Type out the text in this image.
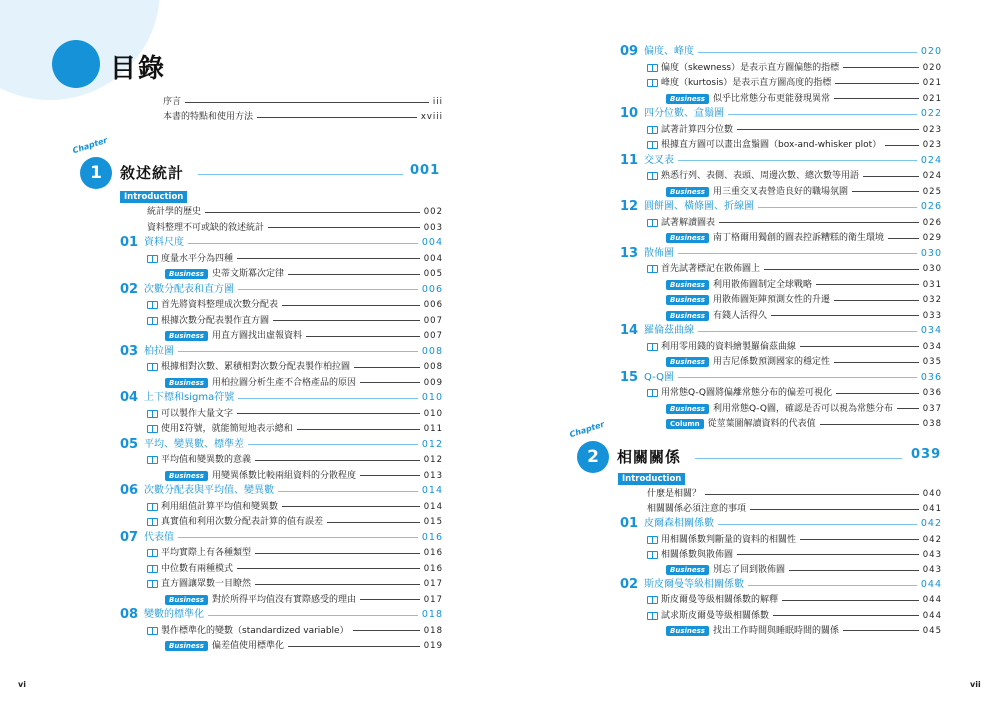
目錄
序言	iii
本書的特點和使用方法	xviii
Chapter
1	敘述統計	001
Introduction
統計學的歷史	002
資料整理不可或缺的敘述統計	003
01 資料尺度	004
度量水平分為四種	004
Business 史蒂文斯冪次定律	005
02 次數分配表和直方圖	006
首先將資料整理成次數分配表	006
根據次數分配表製作直方圖	007
Business 用直方圖找出虛報資料	007
03 柏拉圖	008
根據相對次數、累積相對次數分配表製作柏拉圖	008
Business 用柏拉圖分析生產不合格產品的原因	009
04 上下標和sigma符號	010
可以製作大量文字	010
使用Σ符號，就能簡短地表示總和	011
05 平均、變異數、標準差	012
平均值和變異數的意義	012
Business 用變異係數比較兩組資料的分散程度	013
06 次數分配表與平均值、變異數	014
利用組值計算平均值和變異數	014
真實值和利用次數分配表計算的值有誤差	015
07 代表值	016
平均實際上有各種類型	016
中位數有兩種模式	016
直方圖讓眾數一目瞭然	017
Business 對於所得平均值沒有實際感受的理由	017
08 變數的標準化	018
製作標準化的變數（standardized variable）	018
Business 偏差值使用標準化	019
09 偏度、峰度	020
偏度（skewness）是表示直方圖偏態的指標	020
峰度（kurtosis）是表示直方圖高度的指標	021
Business 似乎比常態分布更能發現異常	021
10 四分位數、盒鬚圖	022
試著計算四分位數	023
根據直方圖可以畫出盒鬚圖（box-and-whisker plot）	023
11 交叉表	024
熟悉行列、表側、表頭、周邊次數、總次數等用語	024
Business 用三重交叉表營造良好的職場氛圍	025
12 圓餅圖、橫條圖、折線圖	026
試著解讀圖表	026
Business 南丁格爾用獨創的圖表控訴糟糕的衛生環境	029
13 散佈圖	030
首先試著標記在散佈圖上	030
Business 利用散佈圖制定全球戰略	031
Business 用散佈圖矩陣預測女性的升遷	032
Business 有錢人活得久	033
14 羅倫茲曲線	034
利用零用錢的資料繪製羅倫茲曲線	034
Business 用吉尼係數預測國家的穩定性	035
15 Q-Q圖	036
用常態Q-Q圖將偏離常態分布的偏差可視化	036
Business 利用常態Q-Q圖，確認是否可以視為常態分布	037
Column 從莖葉圖解讀資料的代表值	038
Chapter
2	相關關係	039
Introduction
什麼是相關？	040
相關關係必須注意的事項	041
01 皮爾森相關係數	042
用相關係數判斷量的資料的相關性	042
相關係數與散佈圖	043
Business 別忘了回到散佈圖	043
02 斯皮爾曼等級相關係數	044
斯皮爾曼等級相關係數的解釋	044
試求斯皮爾曼等級相關係數	044
Business 找出工作時間與睡眠時間的關係	045
vi	vii
